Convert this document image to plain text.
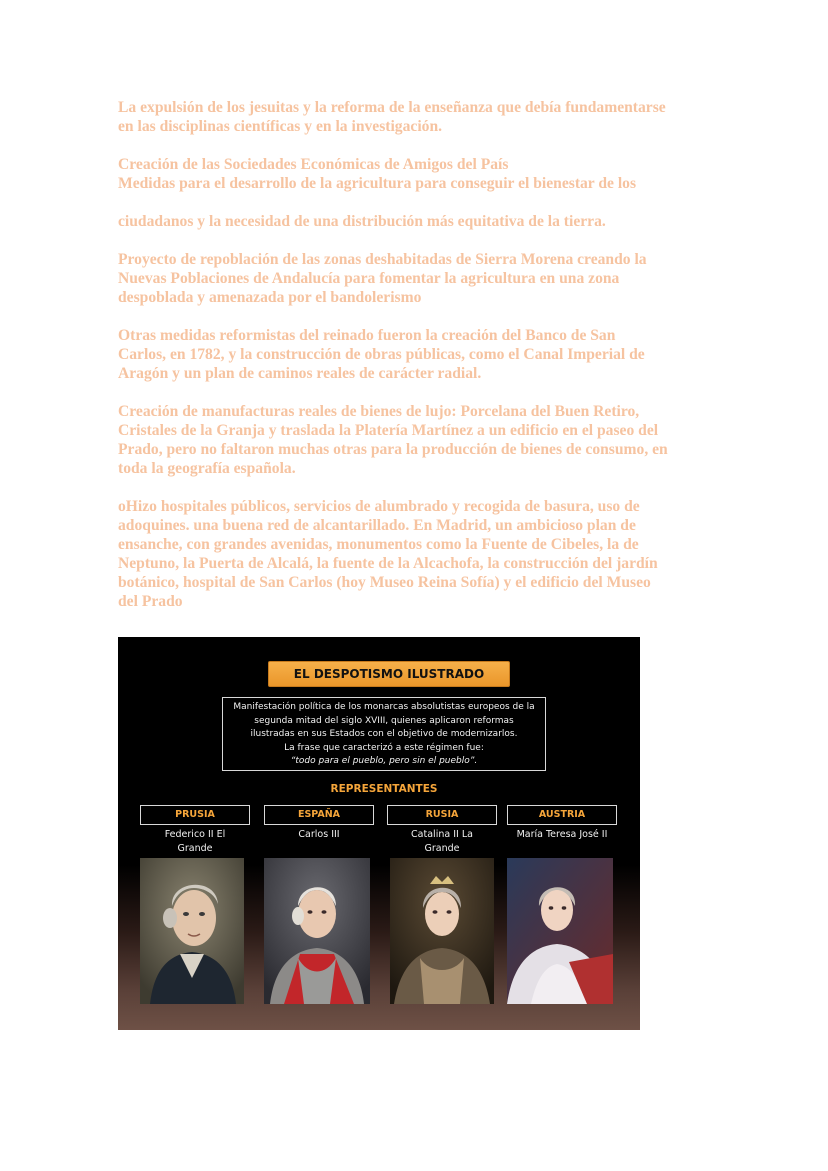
La expulsión de los jesuitas y la reforma de la enseñanza que debía fundamentarse
en las disciplinas científicas y en la investigación.

Creación de las Sociedades Económicas de Amigos del País
Medidas para el desarrollo de la agricultura para conseguir el bienestar de los

ciudadanos y la necesidad de una distribución más equitativa de la tierra.

Proyecto de repoblación de las zonas deshabitadas de Sierra Morena creando la
Nuevas Poblaciones de Andalucía para fomentar la agricultura en una zona
despoblada y amenazada por el bandolerismo

Otras medidas reformistas del reinado fueron la creación del Banco de San
Carlos, en 1782, y la construcción de obras públicas, como el Canal Imperial de
Aragón y un plan de caminos reales de carácter radial.

Creación de manufacturas reales de bienes de lujo: Porcelana del Buen Retiro,
Cristales de la Granja y traslada la Platería Martínez a un edificio en el paseo del
Prado, pero no faltaron muchas otras para la producción de bienes de consumo, en
toda la geografía española.

oHizo hospitales públicos, servicios de alumbrado y recogida de basura, uso de
adoquines. una buena red de alcantarillado. En Madrid, un ambicioso plan de
ensanche, con grandes avenidas, monumentos como la Fuente de Cibeles, la de
Neptuno, la Puerta de Alcalá, la fuente de la Alcachofa, la construcción del jardín
botánico, hospital de San Carlos (hoy Museo Reina Sofía) y el edificio del Museo
del Prado

EL DESPOTISMO ILUSTRADO
Manifestación política de los monarcas absolutistas europeos de la
segunda mitad del siglo XVIII, quienes aplicaron reformas
ilustradas en sus Estados con el objetivo de modernizarlos.
La frase que caracterizó a este régimen fue:
“todo para el pueblo, pero sin el pueblo”.
REPRESENTANTES
PRUSIA
Federico II El
Grande
ESPAÑA
Carlos III
RUSIA
Catalina II La
Grande
AUSTRIA
María Teresa José II
